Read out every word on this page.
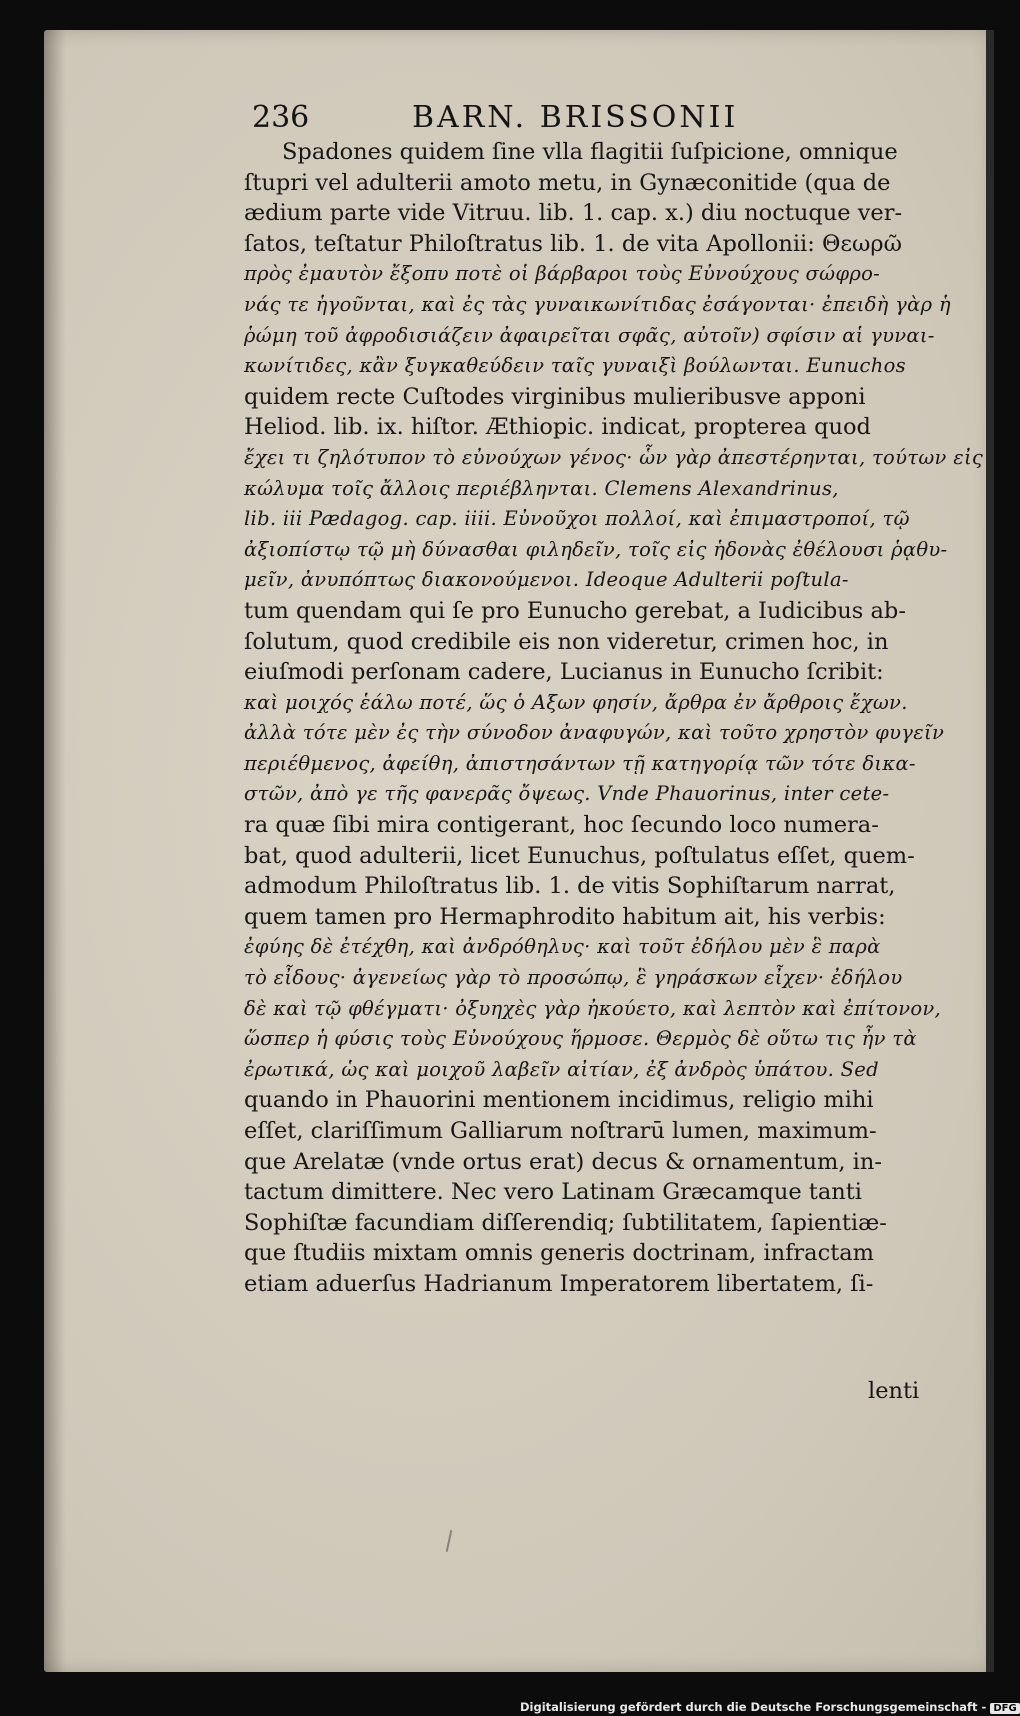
236	BARN. BRISSONII
Spadones quidem ſine vlla flagitii ſuſpicione, omnique
ſtupri vel adulterii amoto metu, in Gynæconitide (qua de
ædium parte vide Vitruu. lib. 1. cap. x.) diu noctuque ver-
ſatos, teſtatur Philoſtratus lib. 1. de vita Apollonii: Θεωρῶ
πρὸς ἐμαυτὸν ἔξοπυ ποτὲ οἱ βάρβαροι τοὺς Εὐνούχους σώφρο-
νάς τε ἡγοῦνται, καὶ ἐς τὰς γυναικωνίτιδας ἐσάγονται· ἐπειδὴ γὰρ ἡ
ῥώμη τοῦ ἀφροδισιάζειν ἀφαιρεῖται σφᾶς, αὐτοῖν) σφίσιν αἱ γυναι-
κωνίτιδες, κἂν ξυγκαθεύδειν ταῖς γυναιξὶ βούλωνται. Eunuchos
quidem recte Cuſtodes virginibus mulieribusve apponi
Heliod. lib. ix. hiſtor. Æthiopic. indicat, propterea quod
ἔχει τι ζηλότυπον τὸ εὐνούχων γένος· ὧν γὰρ ἀπεστέρηνται, τούτων εἰς
κώλυμα τοῖς ἄλλοις περιέβληνται. Clemens Alexandrinus,
lib. iii Pædagog. cap. iiii. Εὐνοῦχοι πολλοί, καὶ ἐπιμαστροποί, τῷ
ἀξιοπίστῳ τῷ μὴ δύνασθαι φιληδεῖν, τοῖς εἰς ἡδονὰς ἐθέλουσι ῥᾳθυ-
μεῖν, ἀνυπόπτως διακονούμενοι. Ideoque Adulterii poſtula-
tum quendam qui ſe pro Eunucho gerebat, a Iudicibus ab-
ſolutum, quod credibile eis non videretur, crimen hoc, in
eiuſmodi perſonam cadere, Lucianus in Eunucho ſcribit:
καὶ μοιχός ἑάλω ποτέ, ὥς ὁ Αξων φησίν, ἄρθρα ἐν ἄρθροις ἔχων.
ἀλλὰ τότε μὲν ἐς τὴν σύνοδον ἀναφυγών, καὶ τοῦτο χρηστὸν φυγεῖν
περιέθμενος, ἀφείθη, ἀπιστησάντων τῇ κατηγορίᾳ τῶν τότε δικα-
στῶν, ἀπὸ γε τῆς φανερᾶς ὄψεως. Vnde Phauorinus, inter cete-
ra quæ ſibi mira contigerant, hoc ſecundo loco numera-
bat, quod adulterii, licet Eunuchus, poſtulatus eſſet, quem-
admodum Philoſtratus lib. 1. de vitis Sophiſtarum narrat,
quem tamen pro Hermaphrodito habitum ait, his verbis:
ἐφύης δὲ ἐτέχθη, καὶ ἀνδρόθηλυς· καὶ τοῦτ ἐδήλου μὲν ἓ παρὰ
τὸ εἶδους· ἀγενείως γὰρ τὸ προσώπῳ, ἓ γηράσκων εἶχεν· ἐδήλου
δὲ καὶ τῷ φθέγματι· ὀξυηχὲς γὰρ ἠκούετο, καὶ λεπτὸν καὶ ἐπίτονον,
ὥσπερ ἡ φύσις τοὺς Εὐνούχους ἥρμοσε. Θερμὸς δὲ οὕτω τις ἦν τὰ
ἐρωτικά, ὡς καὶ μοιχοῦ λαβεῖν αἰτίαν, ἐξ ἀνδρὸς ὑπάτου. Sed
quando in Phauorini mentionem incidimus, religio mihi
eſſet, clariſſimum Galliarum noſtrarū lumen, maximum-
que Arelatæ (vnde ortus erat) decus & ornamentum, in-
tactum dimittere. Nec vero Latinam Græcamque tanti
Sophiſtæ facundiam diſſerendiq; ſubtilitatem, ſapientiæ-
que ſtudiis mixtam omnis generis doctrinam, infractam
etiam aduerſus Hadrianum Imperatorem libertatem, ſi-
lenti
Digitalisierung gefördert durch die Deutsche Forschungsgemeinschaft - DFG
